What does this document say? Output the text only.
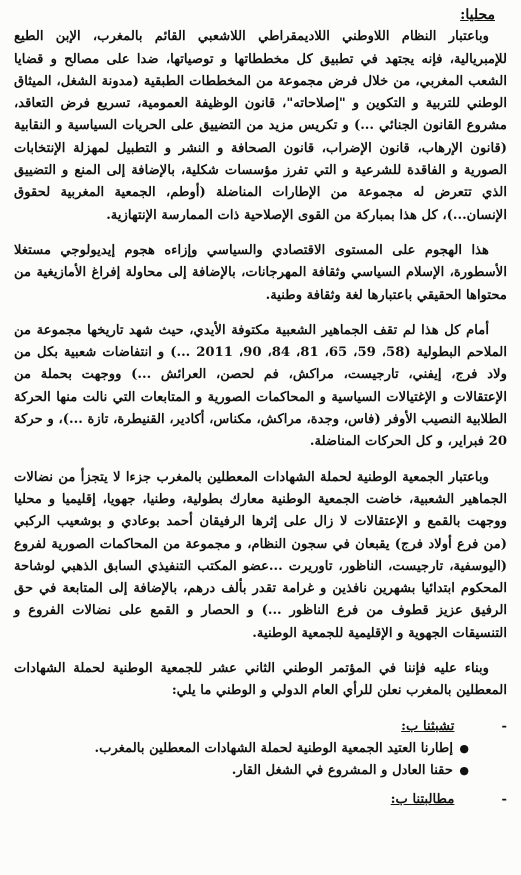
محليا:

وباعتبار النظام اللاوطني اللاديمقراطي اللاشعبي القائم بالمغرب، الإبن الطيع للإمبريالية، فإنه يجتهد في تطبيق كل مخططاتها و توصياتها، ضدا على مصالح و قضايا الشعب المغربي، من خلال فرض مجموعة من المخططات الطبقية (مدونة الشغل، الميثاق الوطني للتربية و التكوين و "إصلاحاته"، قانون الوظيفة العمومية، تسريع فرض التعاقد، مشروع القانون الجنائي ...) و تكريس مزيد من التضييق على الحريات السياسية و النقابية (قانون الإرهاب، قانون الإضراب، قانون الصحافة و النشر و التطبيل لمهزلة الإنتخابات الصورية و الفاقدة للشرعية و التي تفرز مؤسسات شكلية، بالإضافة إلى المنع و التضييق الذي تتعرض له مجموعة من الإطارات المناضلة (أوطم، الجمعية المغربية لحقوق الإنسان...)، كل هذا بمباركة من القوى الإصلاحية ذات الممارسة الإنتهازية.

هذا الهجوم على المستوى الاقتصادي والسياسي وإزاءه هجوم إيديولوجي مستغلا الأسطورة، الإسلام السياسي وثقافة المهرجانات، بالإضافة إلى محاولة إفراغ الأمازيغية من محتواها الحقيقي باعتبارها لغة وثقافة وطنية.

أمام كل هذا لم تقف الجماهير الشعبية مكتوفة الأيدي، حيث شهد تاريخها مجموعة من الملاحم البطولية (58، 59، 65، 81، 84، 90، 2011 ...) و انتفاضات شعبية بكل من ولاد فرج، إيفني، تارجيست، مراكش، فم لحصن، العرائش ...) ووجهت بحملة من الإعتقالات و الإغتيالات السياسية و المحاكمات الصورية و المتابعات التي نالت منها الحركة الطلابية النصيب الأوفر (فاس، وجدة، مراكش، مكناس، أكادير، القنيطرة، تازة ...)، و حركة 20 فبراير، و كل الحركات المناضلة.

وباعتبار الجمعية الوطنية لحملة الشهادات المعطلين بالمغرب جزءا لا يتجزأ من نضالات الجماهير الشعبية، خاضت الجمعية الوطنية معارك بطولية، وطنيا، جهويا، إقليميا و محليا ووجهت بالقمع و الإعتقالات لا زال على إثرها الرفيقان أحمد بوعادي و بوشعيب الركبي (من فرع أولاد فرج) يقبعان في سجون النظام، و مجموعة من المحاكمات الصورية لفروع (اليوسفية، تارجيست، الناظور، تاوريرت ...عضو المكتب التنفيذي السابق الذهبي لوشاحة المحكوم ابتدائيا بشهرين نافذين و غرامة تقدر بألف درهم، بالإضافة إلى المتابعة في حق الرفيق عزيز قطوف من فرع الناظور ...) و الحصار و القمع على نضالات الفروع و التنسيقات الجهوية و الإقليمية للجمعية الوطنية.

وبناء عليه فإننا في المؤتمر الوطني الثاني عشر للجمعية الوطنية لحملة الشهادات المعطلين بالمغرب نعلن للرأي العام الدولي و الوطني ما يلي:

- تشبثنا ب:
● إطارنا العتيد الجمعية الوطنية لحملة الشهادات المعطلين بالمغرب.
● حقنا العادل و المشروع في الشغل القار.
- مطالبتنا ب:
